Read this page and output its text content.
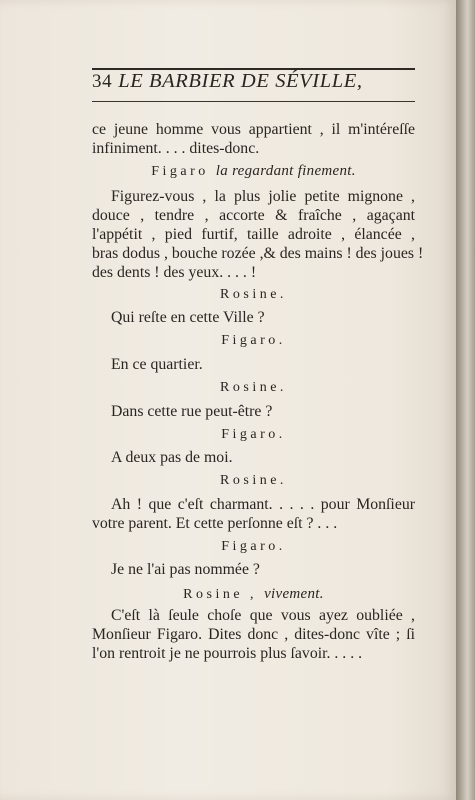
34 LE BARBIER DE SÉVILLE,
ce jeune homme vous appartient , il m'intéreſſe
infiniment. . . . dites-donc.
Figaro la regardant finement.
Figurez-vous , la plus jolie petite mignone ,
douce , tendre , accorte & fraîche , agaçant
l'appétit , pied furtif, taille adroite , élancée ,
bras dodus , bouche rozée ,& des mains ! des joues !
des dents ! des yeux. . . . !
Rosine.
Qui reſte en cette Ville ?
Figaro.
En ce quartier.
Rosine.
Dans cette rue peut-être ?
Figaro.
A deux pas de moi.
Rosine.
Ah ! que c'eſt charmant. . . . . pour Monſieur
votre parent. Et cette perſonne eſt ? . . .
Figaro.
Je ne l'ai pas nommée ?
Rosine , vivement.
C'eſt là ſeule choſe que vous ayez oubliée ,
Monſieur Figaro. Dites donc , dites-donc vîte ; ſi
l'on rentroit je ne pourrois plus ſavoir. . . . .
